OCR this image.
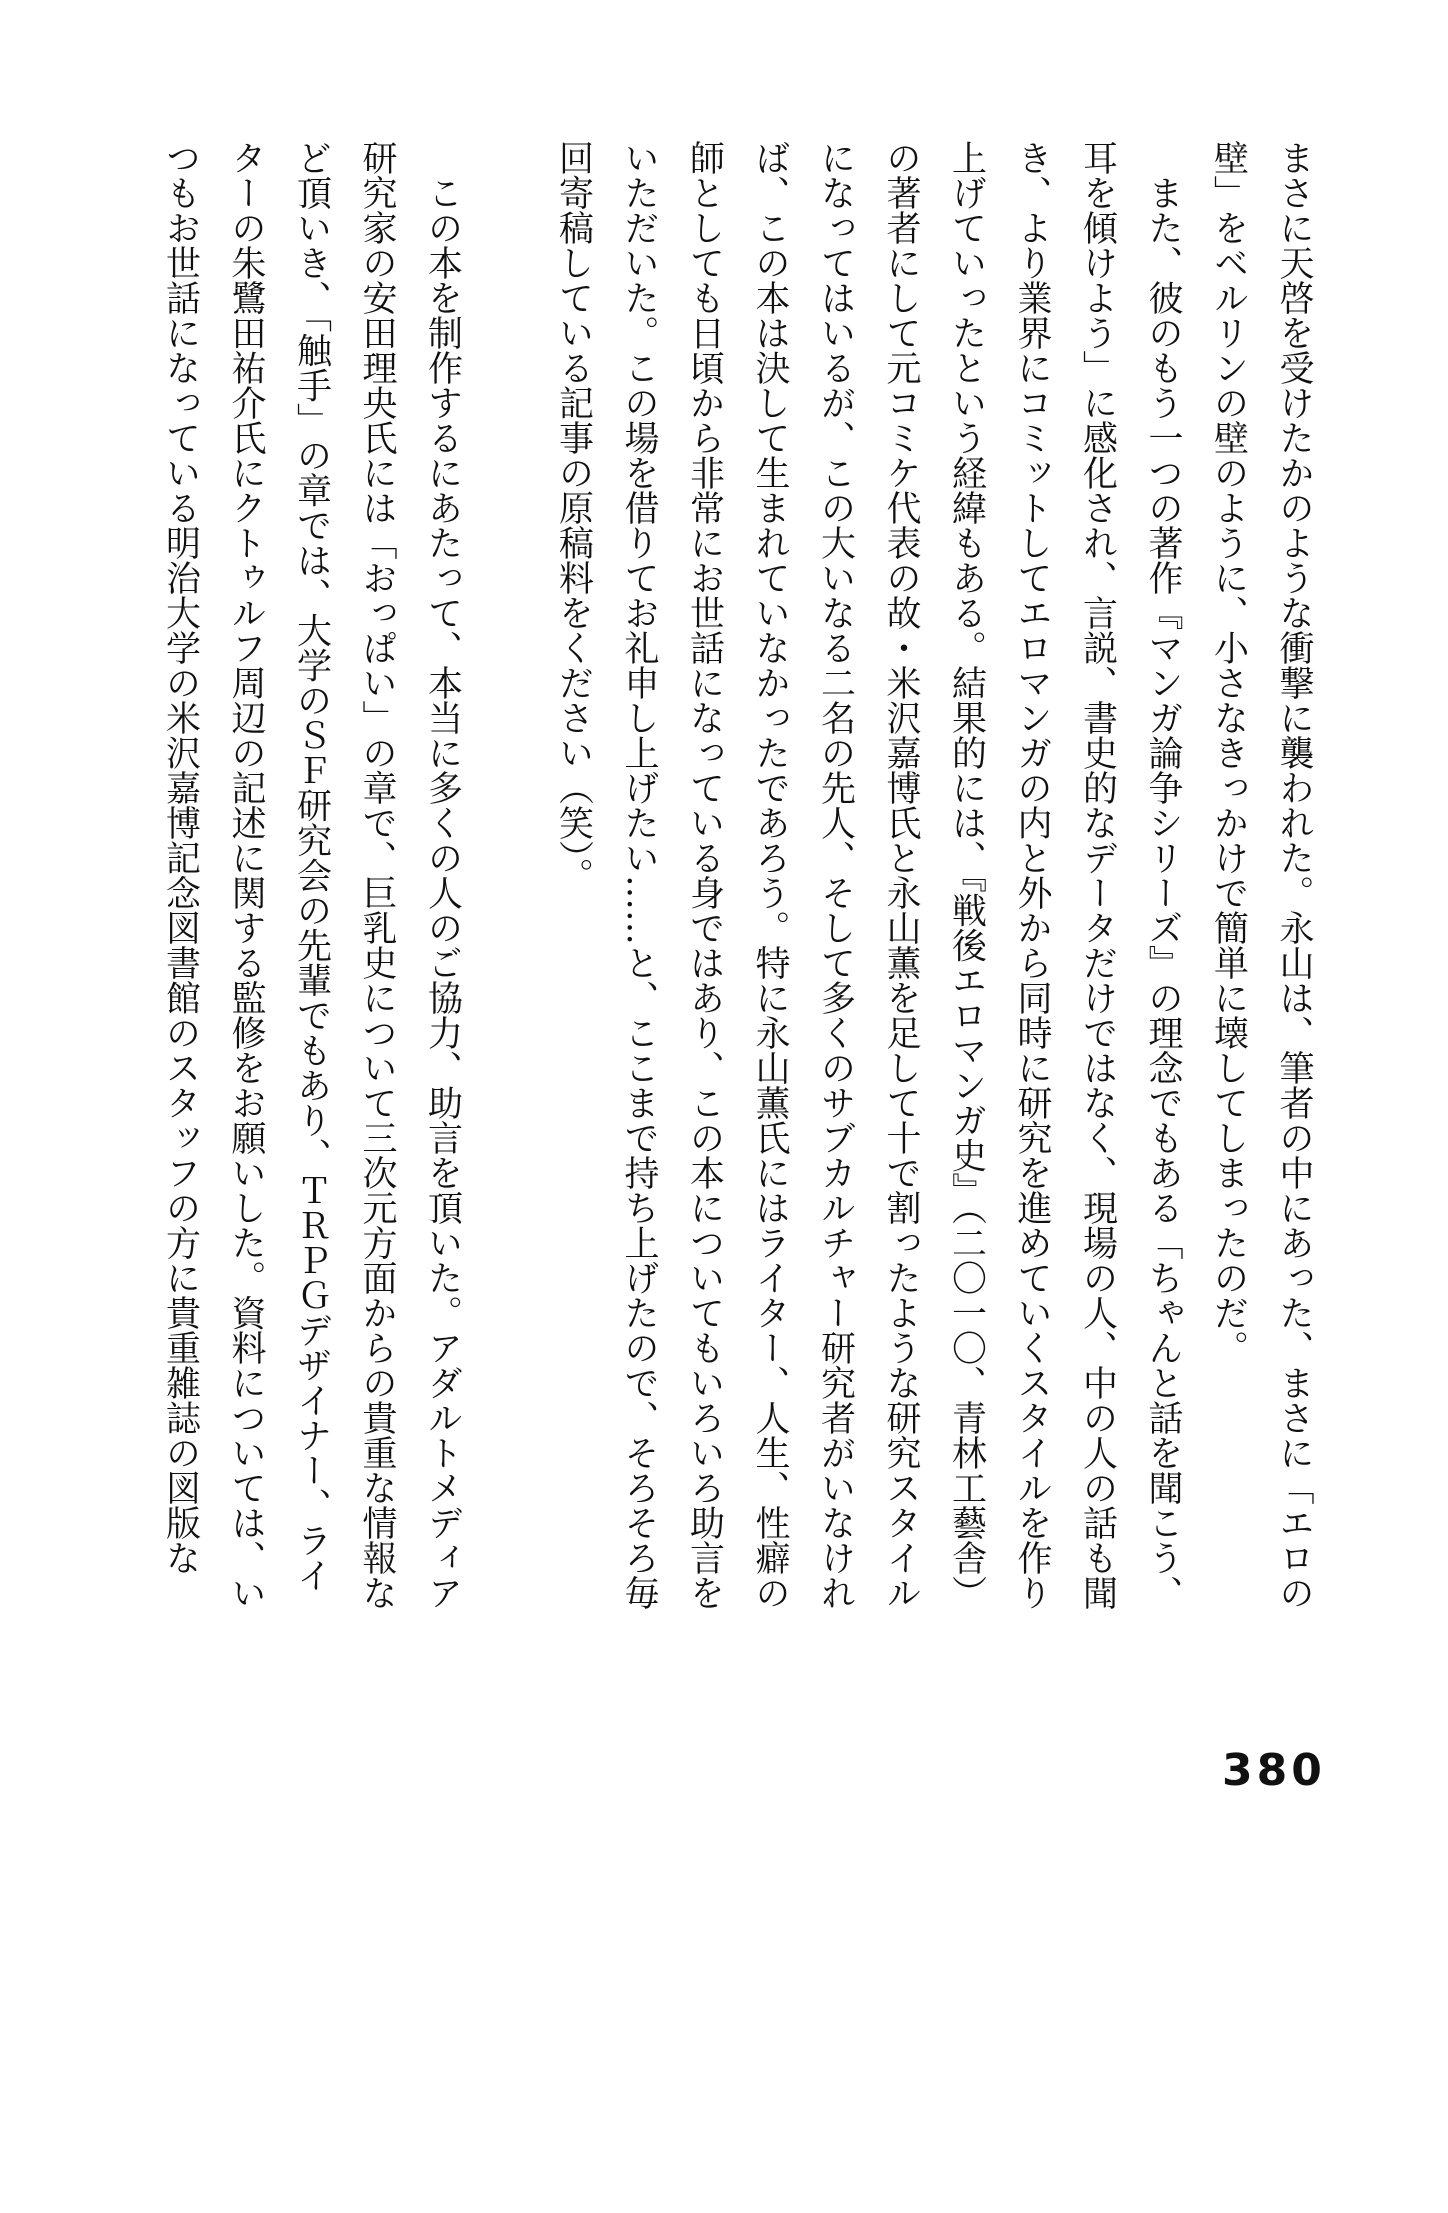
まさに天啓を受けたかのような衝撃に襲われた。永山は、筆者の中にあった、まさに「エロの
壁」をベルリンの壁のように、小さなきっかけで簡単に壊してしまったのだ。
　また、彼のもう一つの著作『マンガ論争シリーズ』の理念でもある「ちゃんと話を聞こう、
耳を傾けよう」に感化され、言説、書史的なデータだけではなく、現場の人、中の人の話も聞
き、より業界にコミットしてエロマンガの内と外から同時に研究を進めていくスタイルを作り
上げていったという経緯もある。結果的には、『戦後エロマンガ史』（二〇一〇、青林工藝舎）
の著者にして元コミケ代表の故・米沢嘉博氏と永山薫を足して十で割ったような研究スタイル
になってはいるが、この大いなる二名の先人、そして多くのサブカルチャー研究者がいなけれ
ば、この本は決して生まれていなかったであろう。特に永山薫氏にはライター、人生、性癖の
師としても日頃から非常にお世話になっている身ではあり、この本についてもいろいろ助言を
いただいた。この場を借りてお礼申し上げたい……と、ここまで持ち上げたので、そろそろ毎
回寄稿している記事の原稿料をください（笑）。
　この本を制作するにあたって、本当に多くの人のご協力、助言を頂いた。アダルトメディア
研究家の安田理央氏には「おっぱい」の章で、巨乳史について三次元方面からの貴重な情報な
ど頂いき、「触手」の章では、大学のＳＦ研究会の先輩でもあり、ＴＲＰＧデザイナー、ライ
ターの朱鷺田祐介氏にクトゥルフ周辺の記述に関する監修をお願いした。資料については、い
つもお世話になっている明治大学の米沢嘉博記念図書館のスタッフの方に貴重雑誌の図版な
380
